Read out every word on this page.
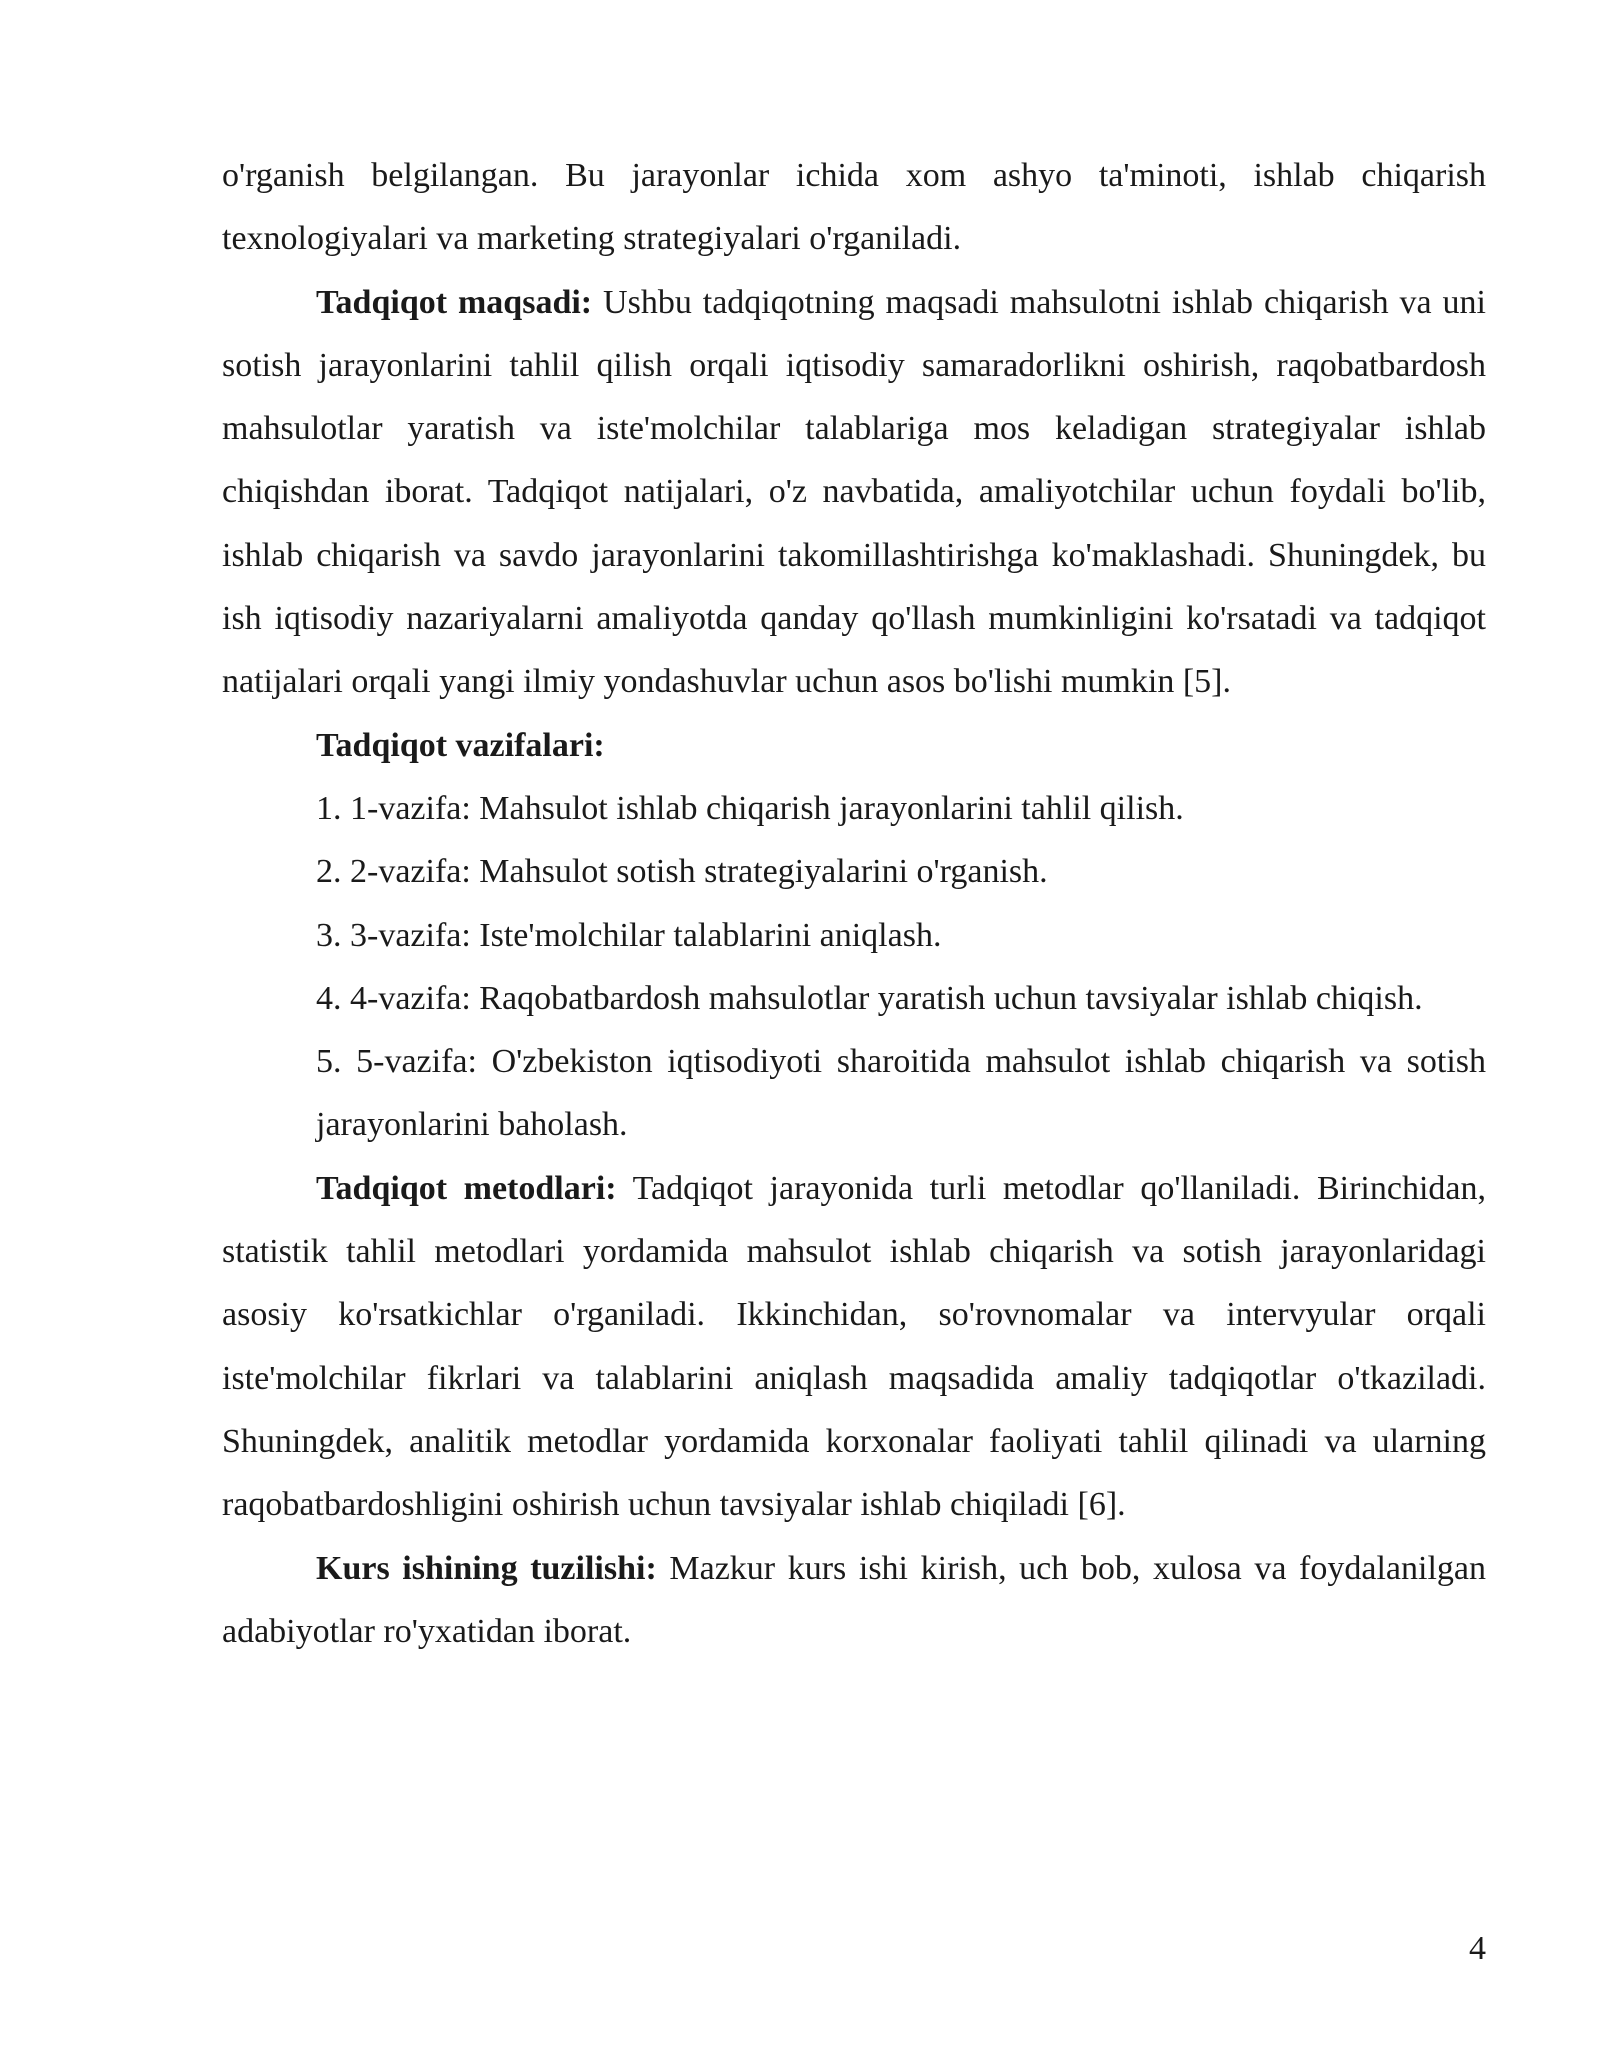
o'rganish belgilangan. Bu jarayonlar ichida xom ashyo ta'minoti, ishlab chiqarish texnologiyalari va marketing strategiyalari o'rganiladi.

Tadqiqot maqsadi: Ushbu tadqiqotning maqsadi mahsulotni ishlab chiqarish va uni sotish jarayonlarini tahlil qilish orqali iqtisodiy samaradorlikni oshirish, raqobatbardosh mahsulotlar yaratish va iste'molchilar talablariga mos keladigan strategiyalar ishlab chiqishdan iborat. Tadqiqot natijalari, o'z navbatida, amaliyotchilar uchun foydali bo'lib, ishlab chiqarish va savdo jarayonlarini takomillashtirishga ko'maklashadi. Shuningdek, bu ish iqtisodiy nazariyalarni amaliyotda qanday qo'llash mumkinligini ko'rsatadi va tadqiqot natijalari orqali yangi ilmiy yondashuvlar uchun asos bo'lishi mumkin [5].

Tadqiqot vazifalari:

1. 1-vazifa: Mahsulot ishlab chiqarish jarayonlarini tahlil qilish.

2. 2-vazifa: Mahsulot sotish strategiyalarini o'rganish.

3. 3-vazifa: Iste'molchilar talablarini aniqlash.

4. 4-vazifa: Raqobatbardosh mahsulotlar yaratish uchun tavsiyalar ishlab chiqish.

5. 5-vazifa: O'zbekiston iqtisodiyoti sharoitida mahsulot ishlab chiqarish va sotish jarayonlarini baholash.

Tadqiqot metodlari: Tadqiqot jarayonida turli metodlar qo'llaniladi. Birinchidan, statistik tahlil metodlari yordamida mahsulot ishlab chiqarish va sotish jarayonlaridagi asosiy ko'rsatkichlar o'rganiladi. Ikkinchidan, so'rovnomalar va intervyular orqali iste'molchilar fikrlari va talablarini aniqlash maqsadida amaliy tadqiqotlar o'tkaziladi. Shuningdek, analitik metodlar yordamida korxonalar faoliyati tahlil qilinadi va ularning raqobatbardoshligini oshirish uchun tavsiyalar ishlab chiqiladi [6].

Kurs ishining tuzilishi: Mazkur kurs ishi kirish, uch bob, xulosa va foydalanilgan adabiyotlar ro'yxatidan iborat.

4
